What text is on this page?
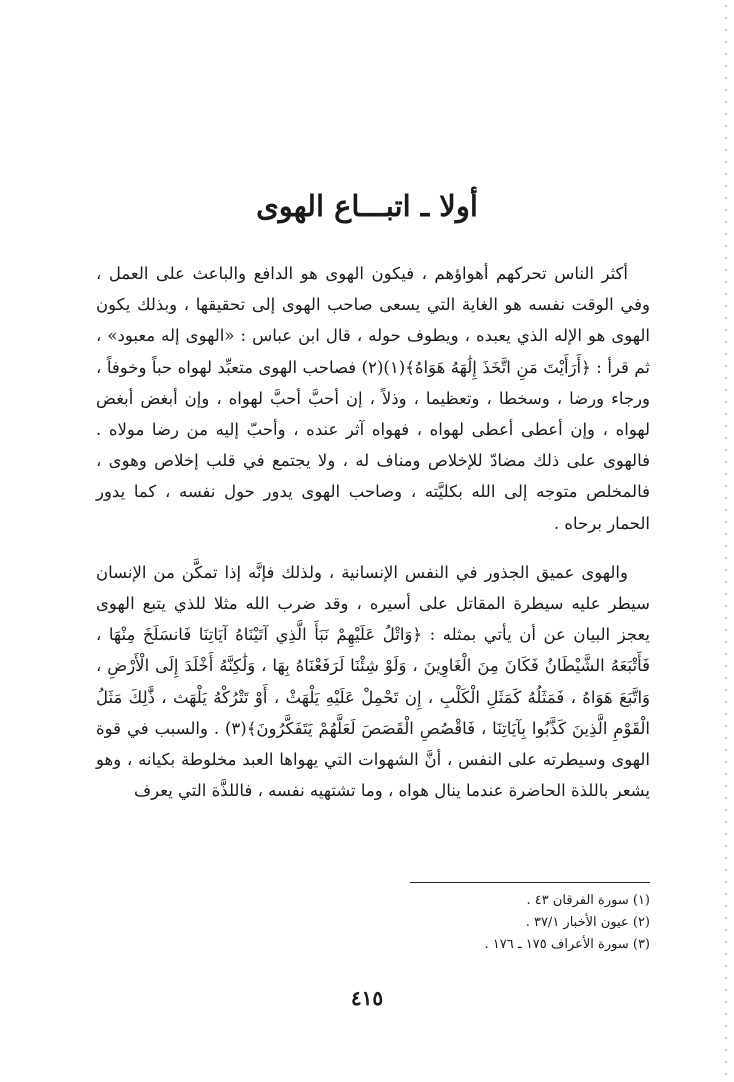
أولا ـ اتبـــاع الهوى

أكثر الناس تحركهم أهواؤهم ، فيكون الهوى هو الدافع والباعث على العمل ، وفي الوقت نفسه هو الغاية التي يسعى صاحب الهوى إلى تحقيقها ، وبذلك يكون الهوى هو الإله الذي يعبده ، ويطوف حوله ، قال ابن عباس : «الهوى إله معبود» ، ثم قرأ : ﴿أَرَأَيْتَ مَنِ اتَّخَذَ إِلَٰهَهُ هَوَاهُ﴾(١)(٢) فصاحب الهوى متعبِّد لهواه حباً وخوفاً ، ورجاء ورضا ، وسخطا ، وتعظيما ، وذلاً ، إن أحبَّ أحبَّ لهواه ، وإن أبغض أبغض لهواه ، وإن أعطى أعطى لهواه ، فهواه آثر عنده ، وأحبّ إليه من رضا مولاه . فالهوى على ذلك مضادّ للإخلاص ومناف له ، ولا يجتمع في قلب إخلاص وهوى ، فالمخلص متوجه إلى الله بكليَّته ، وصاحب الهوى يدور حول نفسه ، كما يدور الحمار برحاه .

والهوى عميق الجذور في النفس الإنسانية ، ولذلك فإنَّه إذا تمكَّن من الإنسان سيطر عليه سيطرة المقاتل على أسيره ، وقد ضرب الله مثلا للذي يتبع الهوى يعجز البيان عن أن يأتي بمثله : ﴿وَاتْلُ عَلَيْهِمْ نَبَأَ الَّذِي آتَيْنَاهُ آيَاتِنَا فَانسَلَخَ مِنْهَا ، فَأَتْبَعَهُ الشَّيْطَانُ فَكَانَ مِنَ الْغَاوِينَ ، وَلَوْ شِئْنَا لَرَفَعْنَاهُ بِهَا ، وَلَٰكِنَّهُ أَخْلَدَ إِلَى الْأَرْضِ ، وَاتَّبَعَ هَوَاهُ ، فَمَثَلُهُ كَمَثَلِ الْكَلْبِ ، إِن تَحْمِلْ عَلَيْهِ يَلْهَثْ ، أَوْ تَتْرُكْهُ يَلْهَث ، ذَّٰلِكَ مَثَلُ الْقَوْمِ الَّذِينَ كَذَّبُوا بِآيَاتِنَا ، فَاقْصُصِ الْقَصَصَ لَعَلَّهُمْ يَتَفَكَّرُونَ﴾(٣) . والسبب في قوة الهوى وسيطرته على النفس ، أنَّ الشهوات التي يهواها العبد مخلوطة بكيانه ، وهو يشعر باللذة الحاضرة عندما ينال هواه ، وما تشتهيه نفسه ، فاللذَّة التي يعرف

(١) سورة الفرقان ٤٣ .
(٢) عيون الأخبار ٣٧/١ .
(٣) سورة الأعراف ١٧٥ ـ ١٧٦ .
٤١٥
